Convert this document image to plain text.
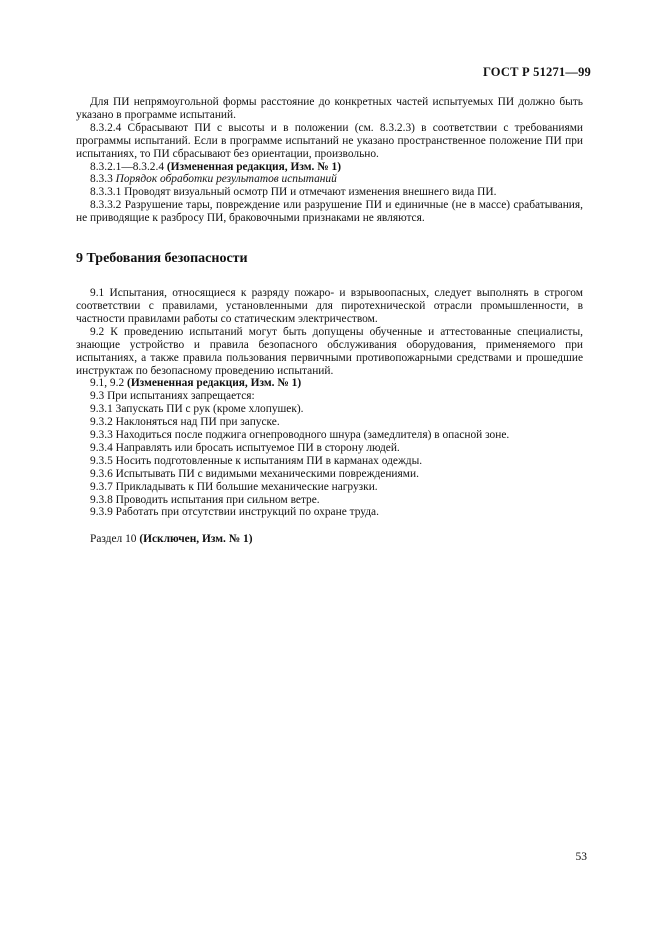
ГОСТ Р 51271—99

Для ПИ непрямоугольной формы расстояние до конкретных частей испытуемых ПИ должно быть указано в программе испытаний.

8.3.2.4 Сбрасывают ПИ с высоты и в положении (см. 8.3.2.3) в соответствии с требованиями программы испытаний. Если в программе испытаний не указано пространственное положение ПИ при испытаниях, то ПИ сбрасывают без ориентации, произвольно.

8.3.2.1—8.3.2.4 (Измененная редакция, Изм. № 1)

8.3.3 Порядок обработки результатов испытаний

8.3.3.1 Проводят визуальный осмотр ПИ и отмечают изменения внешнего вида ПИ.

8.3.3.2 Разрушение тары, повреждение или разрушение ПИ и единичные (не в массе) срабатывания, не приводящие к разбросу ПИ, браковочными признаками не являются.

9 Требования безопасности

9.1 Испытания, относящиеся к разряду пожаро- и взрывоопасных, следует выполнять в строгом соответствии с правилами, установленными для пиротехнической отрасли промышленности, в частности правилами работы со статическим электричеством.

9.2 К проведению испытаний могут быть допущены обученные и аттестованные специалисты, знающие устройство и правила безопасного обслуживания оборудования, применяемого при испытаниях, а также правила пользования первичными противопожарными средствами и прошедшие инструктаж по безопасному проведению испытаний.

9.1, 9.2 (Измененная редакция, Изм. № 1)

9.3 При испытаниях запрещается:

9.3.1 Запускать ПИ с рук (кроме хлопушек).

9.3.2 Наклоняться над ПИ при запуске.

9.3.3 Находиться после поджига огнепроводного шнура (замедлителя) в опасной зоне.

9.3.4 Направлять или бросать испытуемое ПИ в сторону людей.

9.3.5 Носить подготовленные к испытаниям ПИ в карманах одежды.

9.3.6 Испытывать ПИ с видимыми механическими повреждениями.

9.3.7 Прикладывать к ПИ большие механические нагрузки.

9.3.8 Проводить испытания при сильном ветре.

9.3.9 Работать при отсутствии инструкций по охране труда.

Раздел 10 (Исключен, Изм. № 1)

53
